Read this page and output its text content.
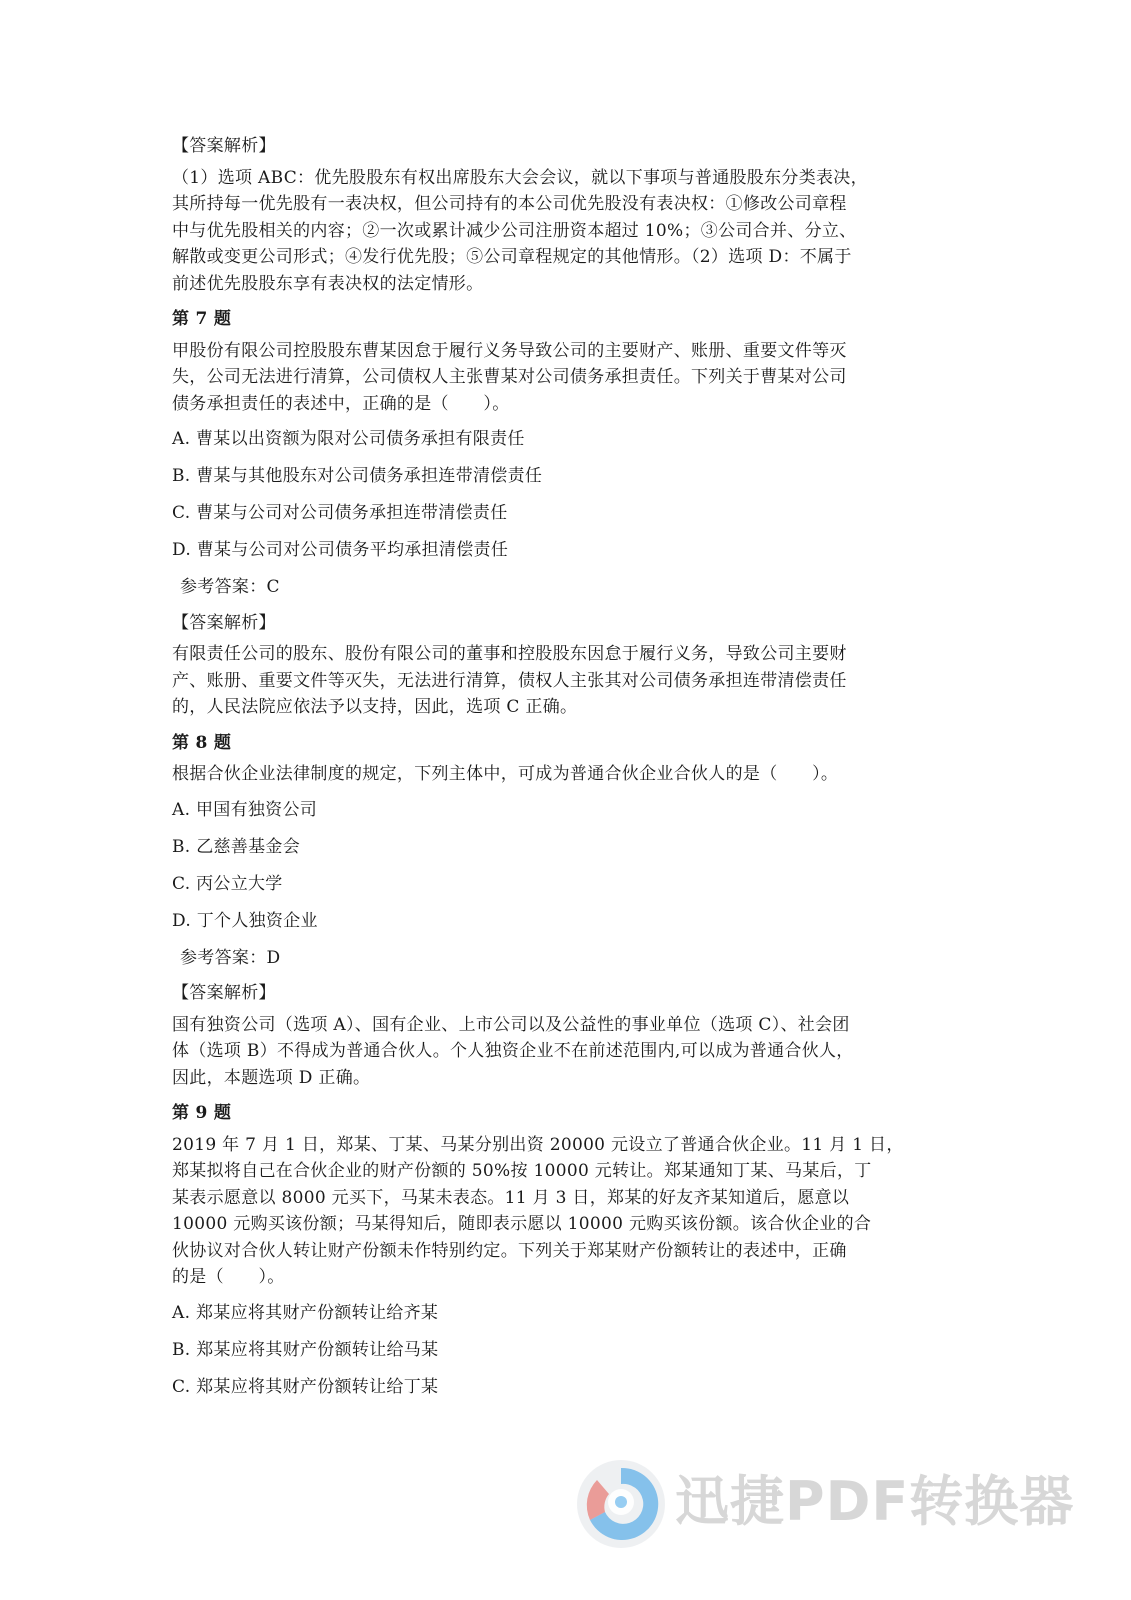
【答案解析】
（1）选项 ABC：优先股股东有权出席股东大会会议，就以下事项与普通股股东分类表决，
其所持每一优先股有一表决权，但公司持有的本公司优先股没有表决权：①修改公司章程
中与优先股相关的内容；②一次或累计减少公司注册资本超过 10%；③公司合并、分立、
解散或变更公司形式；④发行优先股；⑤公司章程规定的其他情形。（2）选项 D：不属于
前述优先股股东享有表决权的法定情形。
第 7 题
甲股份有限公司控股股东曹某因怠于履行义务导致公司的主要财产、账册、重要文件等灭
失，公司无法进行清算，公司债权人主张曹某对公司债务承担责任。下列关于曹某对公司
债务承担责任的表述中，正确的是（　　）。
A. 曹某以出资额为限对公司债务承担有限责任
B. 曹某与其他股东对公司债务承担连带清偿责任
C. 曹某与公司对公司债务承担连带清偿责任
D. 曹某与公司对公司债务平均承担清偿责任
参考答案：C
【答案解析】
有限责任公司的股东、股份有限公司的董事和控股股东因怠于履行义务，导致公司主要财
产、账册、重要文件等灭失，无法进行清算，债权人主张其对公司债务承担连带清偿责任
的，人民法院应依法予以支持，因此，选项 C 正确。
第 8 题
根据合伙企业法律制度的规定，下列主体中，可成为普通合伙企业合伙人的是（　　）。
A. 甲国有独资公司
B. 乙慈善基金会
C. 丙公立大学
D. 丁个人独资企业
参考答案：D
【答案解析】
国有独资公司（选项 A）、国有企业、上市公司以及公益性的事业单位（选项 C）、社会团
体（选项 B）不得成为普通合伙人。个人独资企业不在前述范围内,可以成为普通合伙人，
因此，本题选项 D 正确。
第 9 题
2019 年 7 月 1 日，郑某、丁某、马某分别出资 20000 元设立了普通合伙企业。11 月 1 日，
郑某拟将自己在合伙企业的财产份额的 50%按 10000 元转让。郑某通知丁某、马某后，丁
某表示愿意以 8000 元买下，马某未表态。11 月 3 日，郑某的好友齐某知道后，愿意以
10000 元购买该份额；马某得知后，随即表示愿以 10000 元购买该份额。该合伙企业的合
伙协议对合伙人转让财产份额未作特别约定。下列关于郑某财产份额转让的表述中，正确
的是（　　）。
A. 郑某应将其财产份额转让给齐某
B. 郑某应将其财产份额转让给马某
C. 郑某应将其财产份额转让给丁某
迅捷PDF转换器
